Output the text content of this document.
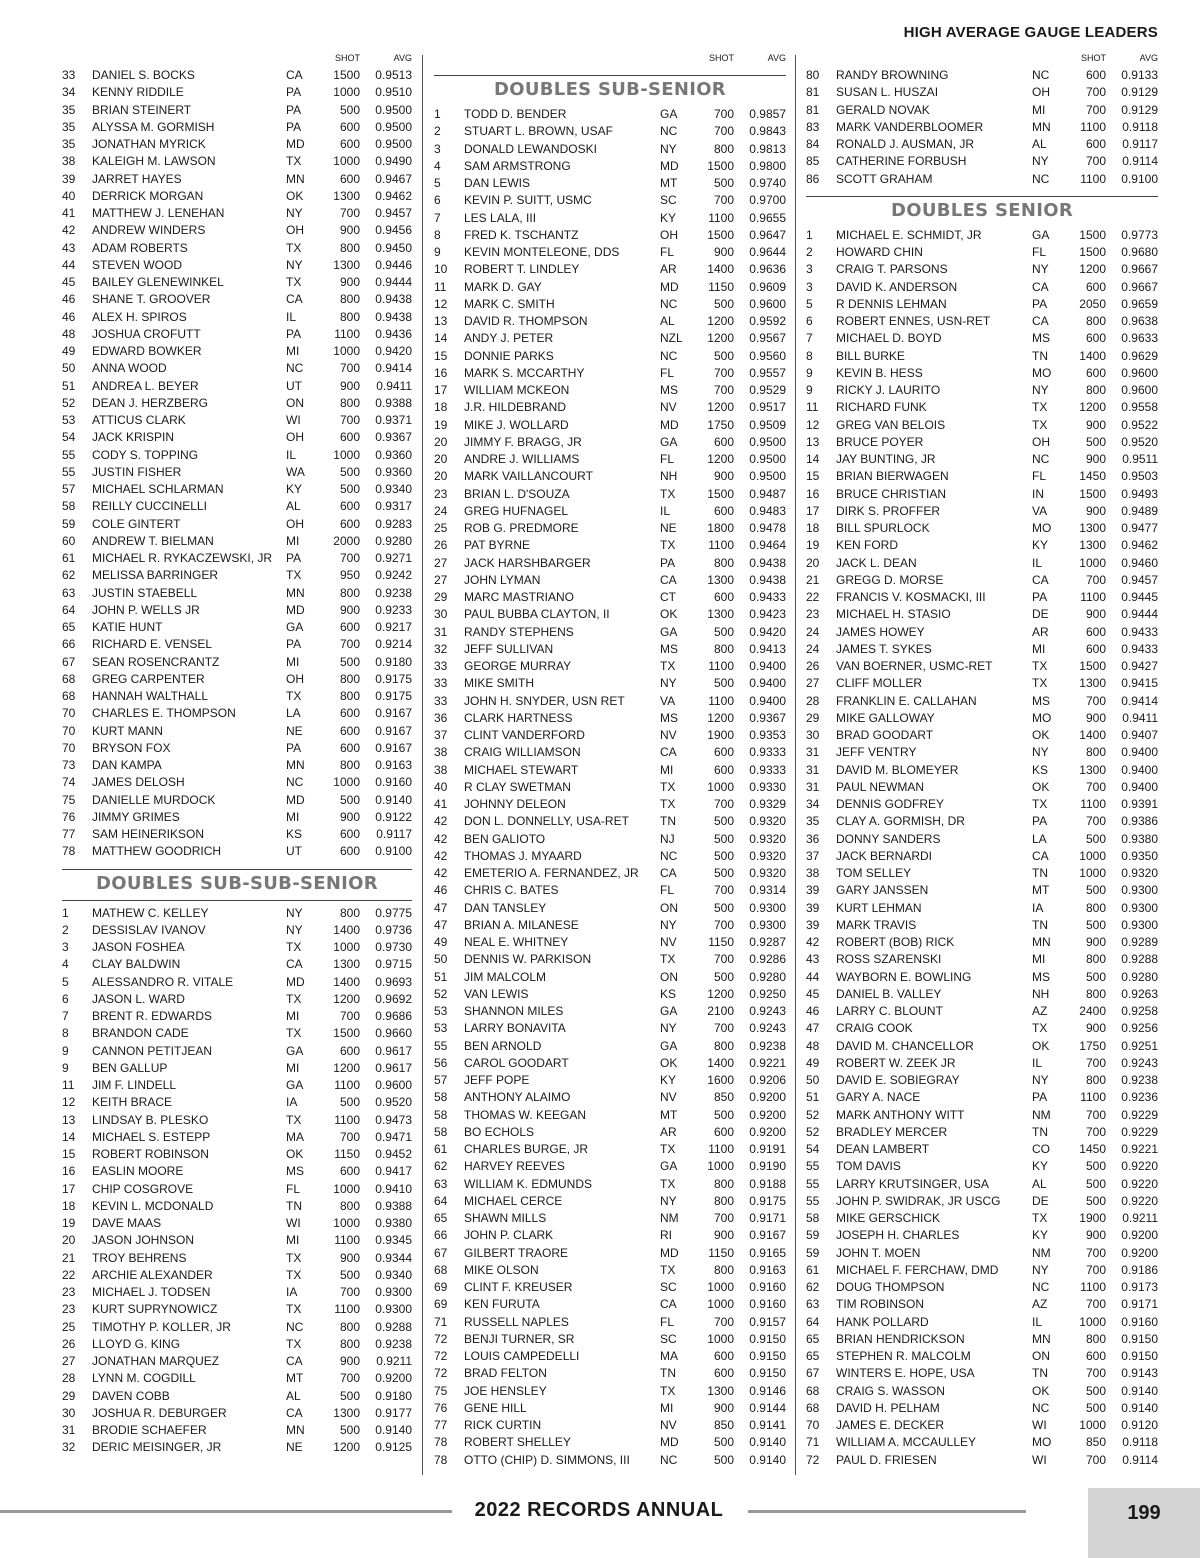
HIGH AVERAGE GAUGE LEADERS
SHOT	AVG
33	DANIEL S. BOCKS	CA	1500	0.9513
34	KENNY RIDDILE	PA	1000	0.9510
35	BRIAN STEINERT	PA	500	0.9500
35	ALYSSA M. GORMISH	PA	600	0.9500
35	JONATHAN MYRICK	MD	600	0.9500
38	KALEIGH M. LAWSON	TX	1000	0.9490
39	JARRET HAYES	MN	600	0.9467
40	DERRICK MORGAN	OK	1300	0.9462
41	MATTHEW J. LENEHAN	NY	700	0.9457
42	ANDREW WINDERS	OH	900	0.9456
43	ADAM ROBERTS	TX	800	0.9450
44	STEVEN WOOD	NY	1300	0.9446
45	BAILEY GLENEWINKEL	TX	900	0.9444
46	SHANE T. GROOVER	CA	800	0.9438
46	ALEX H. SPIROS	IL	800	0.9438
48	JOSHUA CROFUTT	PA	1100	0.9436
49	EDWARD BOWKER	MI	1000	0.9420
50	ANNA WOOD	NC	700	0.9414
51	ANDREA L. BEYER	UT	900	0.9411
52	DEAN J. HERZBERG	ON	800	0.9388
53	ATTICUS CLARK	WI	700	0.9371
54	JACK KRISPIN	OH	600	0.9367
55	CODY S. TOPPING	IL	1000	0.9360
55	JUSTIN FISHER	WA	500	0.9360
57	MICHAEL SCHLARMAN	KY	500	0.9340
58	REILLY CUCCINELLI	AL	600	0.9317
59	COLE GINTERT	OH	600	0.9283
60	ANDREW T. BIELMAN	MI	2000	0.9280
61	MICHAEL R. RYKACZEWSKI, JR	PA	700	0.9271
62	MELISSA BARRINGER	TX	950	0.9242
63	JUSTIN STAEBELL	MN	800	0.9238
64	JOHN P. WELLS JR	MD	900	0.9233
65	KATIE HUNT	GA	600	0.9217
66	RICHARD E. VENSEL	PA	700	0.9214
67	SEAN ROSENCRANTZ	MI	500	0.9180
68	GREG CARPENTER	OH	800	0.9175
68	HANNAH WALTHALL	TX	800	0.9175
70	CHARLES E. THOMPSON	LA	600	0.9167
70	KURT MANN	NE	600	0.9167
70	BRYSON FOX	PA	600	0.9167
73	DAN KAMPA	MN	800	0.9163
74	JAMES DELOSH	NC	1000	0.9160
75	DANIELLE MURDOCK	MD	500	0.9140
76	JIMMY GRIMES	MI	900	0.9122
77	SAM HEINERIKSON	KS	600	0.9117
78	MATTHEW GOODRICH	UT	600	0.9100
DOUBLES SUB-SUB-SENIOR
1	MATHEW C. KELLEY	NY	800	0.9775
2	DESSISLAV IVANOV	NY	1400	0.9736
3	JASON FOSHEA	TX	1000	0.9730
4	CLAY BALDWIN	CA	1300	0.9715
5	ALESSANDRO R. VITALE	MD	1400	0.9693
6	JASON L. WARD	TX	1200	0.9692
7	BRENT R. EDWARDS	MI	700	0.9686
8	BRANDON CADE	TX	1500	0.9660
9	CANNON PETITJEAN	GA	600	0.9617
9	BEN GALLUP	MI	1200	0.9617
11	JIM F. LINDELL	GA	1100	0.9600
12	KEITH BRACE	IA	500	0.9520
13	LINDSAY B. PLESKO	TX	1100	0.9473
14	MICHAEL S. ESTEPP	MA	700	0.9471
15	ROBERT ROBINSON	OK	1150	0.9452
16	EASLIN MOORE	MS	600	0.9417
17	CHIP COSGROVE	FL	1000	0.9410
18	KEVIN L. MCDONALD	TN	800	0.9388
19	DAVE MAAS	WI	1000	0.9380
20	JASON JOHNSON	MI	1100	0.9345
21	TROY BEHRENS	TX	900	0.9344
22	ARCHIE ALEXANDER	TX	500	0.9340
23	MICHAEL J. TODSEN	IA	700	0.9300
23	KURT SUPRYNOWICZ	TX	1100	0.9300
25	TIMOTHY P. KOLLER, JR	NC	800	0.9288
26	LLOYD G. KING	TX	800	0.9238
27	JONATHAN MARQUEZ	CA	900	0.9211
28	LYNN M. COGDILL	MT	700	0.9200
29	DAVEN COBB	AL	500	0.9180
30	JOSHUA R. DEBURGER	CA	1300	0.9177
31	BRODIE SCHAEFER	MN	500	0.9140
32	DERIC MEISINGER, JR	NE	1200	0.9125
SHOT	AVG
DOUBLES SUB-SENIOR
1	TODD D. BENDER	GA	700	0.9857
2	STUART L. BROWN, USAF	NC	700	0.9843
3	DONALD LEWANDOSKI	NY	800	0.9813
4	SAM ARMSTRONG	MD	1500	0.9800
5	DAN LEWIS	MT	500	0.9740
6	KEVIN P. SUITT, USMC	SC	700	0.9700
7	LES LALA, III	KY	1100	0.9655
8	FRED K. TSCHANTZ	OH	1500	0.9647
9	KEVIN MONTELEONE, DDS	FL	900	0.9644
10	ROBERT T. LINDLEY	AR	1400	0.9636
11	MARK D. GAY	MD	1150	0.9609
12	MARK C. SMITH	NC	500	0.9600
13	DAVID R. THOMPSON	AL	1200	0.9592
14	ANDY J. PETER	NZL	1200	0.9567
15	DONNIE PARKS	NC	500	0.9560
16	MARK S. MCCARTHY	FL	700	0.9557
17	WILLIAM MCKEON	MS	700	0.9529
18	J.R. HILDEBRAND	NV	1200	0.9517
19	MIKE J. WOLLARD	MD	1750	0.9509
20	JIMMY F. BRAGG, JR	GA	600	0.9500
20	ANDRE J. WILLIAMS	FL	1200	0.9500
20	MARK VAILLANCOURT	NH	900	0.9500
23	BRIAN L. D'SOUZA	TX	1500	0.9487
24	GREG HUFNAGEL	IL	600	0.9483
25	ROB G. PREDMORE	NE	1800	0.9478
26	PAT BYRNE	TX	1100	0.9464
27	JACK HARSHBARGER	PA	800	0.9438
27	JOHN LYMAN	CA	1300	0.9438
29	MARC MASTRIANO	CT	600	0.9433
30	PAUL BUBBA CLAYTON, II	OK	1300	0.9423
31	RANDY STEPHENS	GA	500	0.9420
32	JEFF SULLIVAN	MS	800	0.9413
33	GEORGE MURRAY	TX	1100	0.9400
33	MIKE SMITH	NY	500	0.9400
33	JOHN H. SNYDER, USN RET	VA	1100	0.9400
36	CLARK HARTNESS	MS	1200	0.9367
37	CLINT VANDERFORD	NV	1900	0.9353
38	CRAIG WILLIAMSON	CA	600	0.9333
38	MICHAEL STEWART	MI	600	0.9333
40	R CLAY SWETMAN	TX	1000	0.9330
41	JOHNNY DELEON	TX	700	0.9329
42	DON L. DONNELLY, USA-RET	TN	500	0.9320
42	BEN GALIOTO	NJ	500	0.9320
42	THOMAS J. MYAARD	NC	500	0.9320
42	EMETERIO A. FERNANDEZ, JR	CA	500	0.9320
46	CHRIS C. BATES	FL	700	0.9314
47	DAN TANSLEY	ON	500	0.9300
47	BRIAN A. MILANESE	NY	700	0.9300
49	NEAL E. WHITNEY	NV	1150	0.9287
50	DENNIS W. PARKISON	TX	700	0.9286
51	JIM MALCOLM	ON	500	0.9280
52	VAN LEWIS	KS	1200	0.9250
53	SHANNON MILES	GA	2100	0.9243
53	LARRY BONAVITA	NY	700	0.9243
55	BEN ARNOLD	GA	800	0.9238
56	CAROL GOODART	OK	1400	0.9221
57	JEFF POPE	KY	1600	0.9206
58	ANTHONY ALAIMO	NV	850	0.9200
58	THOMAS W. KEEGAN	MT	500	0.9200
58	BO ECHOLS	AR	600	0.9200
61	CHARLES BURGE, JR	TX	1100	0.9191
62	HARVEY REEVES	GA	1000	0.9190
63	WILLIAM K. EDMUNDS	TX	800	0.9188
64	MICHAEL CERCE	NY	800	0.9175
65	SHAWN MILLS	NM	700	0.9171
66	JOHN P. CLARK	RI	900	0.9167
67	GILBERT TRAORE	MD	1150	0.9165
68	MIKE OLSON	TX	800	0.9163
69	CLINT F. KREUSER	SC	1000	0.9160
69	KEN FURUTA	CA	1000	0.9160
71	RUSSELL NAPLES	FL	700	0.9157
72	BENJI TURNER, SR	SC	1000	0.9150
72	LOUIS CAMPEDELLI	MA	600	0.9150
72	BRAD FELTON	TN	600	0.9150
75	JOE HENSLEY	TX	1300	0.9146
76	GENE HILL	MI	900	0.9144
77	RICK CURTIN	NV	850	0.9141
78	ROBERT SHELLEY	MD	500	0.9140
78	OTTO (CHIP) D. SIMMONS, III	NC	500	0.9140
SHOT	AVG
80	RANDY BROWNING	NC	600	0.9133
81	SUSAN L. HUSZAI	OH	700	0.9129
81	GERALD NOVAK	MI	700	0.9129
83	MARK VANDERBLOOMER	MN	1100	0.9118
84	RONALD J. AUSMAN, JR	AL	600	0.9117
85	CATHERINE FORBUSH	NY	700	0.9114
86	SCOTT GRAHAM	NC	1100	0.9100
DOUBLES SENIOR
1	MICHAEL E. SCHMIDT, JR	GA	1500	0.9773
2	HOWARD CHIN	FL	1500	0.9680
3	CRAIG T. PARSONS	NY	1200	0.9667
3	DAVID K. ANDERSON	CA	600	0.9667
5	R DENNIS LEHMAN	PA	2050	0.9659
6	ROBERT ENNES, USN-RET	CA	800	0.9638
7	MICHAEL D. BOYD	MS	600	0.9633
8	BILL BURKE	TN	1400	0.9629
9	KEVIN B. HESS	MO	600	0.9600
9	RICKY J. LAURITO	NY	800	0.9600
11	RICHARD FUNK	TX	1200	0.9558
12	GREG VAN BELOIS	TX	900	0.9522
13	BRUCE POYER	OH	500	0.9520
14	JAY BUNTING, JR	NC	900	0.9511
15	BRIAN BIERWAGEN	FL	1450	0.9503
16	BRUCE CHRISTIAN	IN	1500	0.9493
17	DIRK S. PROFFER	VA	900	0.9489
18	BILL SPURLOCK	MO	1300	0.9477
19	KEN FORD	KY	1300	0.9462
20	JACK L. DEAN	IL	1000	0.9460
21	GREGG D. MORSE	CA	700	0.9457
22	FRANCIS V. KOSMACKI, III	PA	1100	0.9445
23	MICHAEL H. STASIO	DE	900	0.9444
24	JAMES HOWEY	AR	600	0.9433
24	JAMES T. SYKES	MI	600	0.9433
26	VAN BOERNER, USMC-RET	TX	1500	0.9427
27	CLIFF MOLLER	TX	1300	0.9415
28	FRANKLIN E. CALLAHAN	MS	700	0.9414
29	MIKE GALLOWAY	MO	900	0.9411
30	BRAD GOODART	OK	1400	0.9407
31	JEFF VENTRY	NY	800	0.9400
31	DAVID M. BLOMEYER	KS	1300	0.9400
31	PAUL NEWMAN	OK	700	0.9400
34	DENNIS GODFREY	TX	1100	0.9391
35	CLAY A. GORMISH, DR	PA	700	0.9386
36	DONNY SANDERS	LA	500	0.9380
37	JACK BERNARDI	CA	1000	0.9350
38	TOM SELLEY	TN	1000	0.9320
39	GARY JANSSEN	MT	500	0.9300
39	KURT LEHMAN	IA	800	0.9300
39	MARK TRAVIS	TN	500	0.9300
42	ROBERT (BOB) RICK	MN	900	0.9289
43	ROSS SZARENSKI	MI	800	0.9288
44	WAYBORN E. BOWLING	MS	500	0.9280
45	DANIEL B. VALLEY	NH	800	0.9263
46	LARRY C. BLOUNT	AZ	2400	0.9258
47	CRAIG COOK	TX	900	0.9256
48	DAVID M. CHANCELLOR	OK	1750	0.9251
49	ROBERT W. ZEEK JR	IL	700	0.9243
50	DAVID E. SOBIEGRAY	NY	800	0.9238
51	GARY A. NACE	PA	1100	0.9236
52	MARK ANTHONY WITT	NM	700	0.9229
52	BRADLEY MERCER	TN	700	0.9229
54	DEAN LAMBERT	CO	1450	0.9221
55	TOM DAVIS	KY	500	0.9220
55	LARRY KRUTSINGER, USA	AL	500	0.9220
55	JOHN P. SWIDRAK, JR USCG	DE	500	0.9220
58	MIKE GERSCHICK	TX	1900	0.9211
59	JOSEPH H. CHARLES	KY	900	0.9200
59	JOHN T. MOEN	NM	700	0.9200
61	MICHAEL F. FERCHAW, DMD	NY	700	0.9186
62	DOUG THOMPSON	NC	1100	0.9173
63	TIM ROBINSON	AZ	700	0.9171
64	HANK POLLARD	IL	1000	0.9160
65	BRIAN HENDRICKSON	MN	800	0.9150
65	STEPHEN R. MALCOLM	ON	600	0.9150
67	WINTERS E. HOPE, USA	TN	700	0.9143
68	CRAIG S. WASSON	OK	500	0.9140
68	DAVID H. PELHAM	NC	500	0.9140
70	JAMES E. DECKER	WI	1000	0.9120
71	WILLIAM A. MCCAULLEY	MO	850	0.9118
72	PAUL D. FRIESEN	WI	700	0.9114
2022 RECORDS ANNUAL	199
